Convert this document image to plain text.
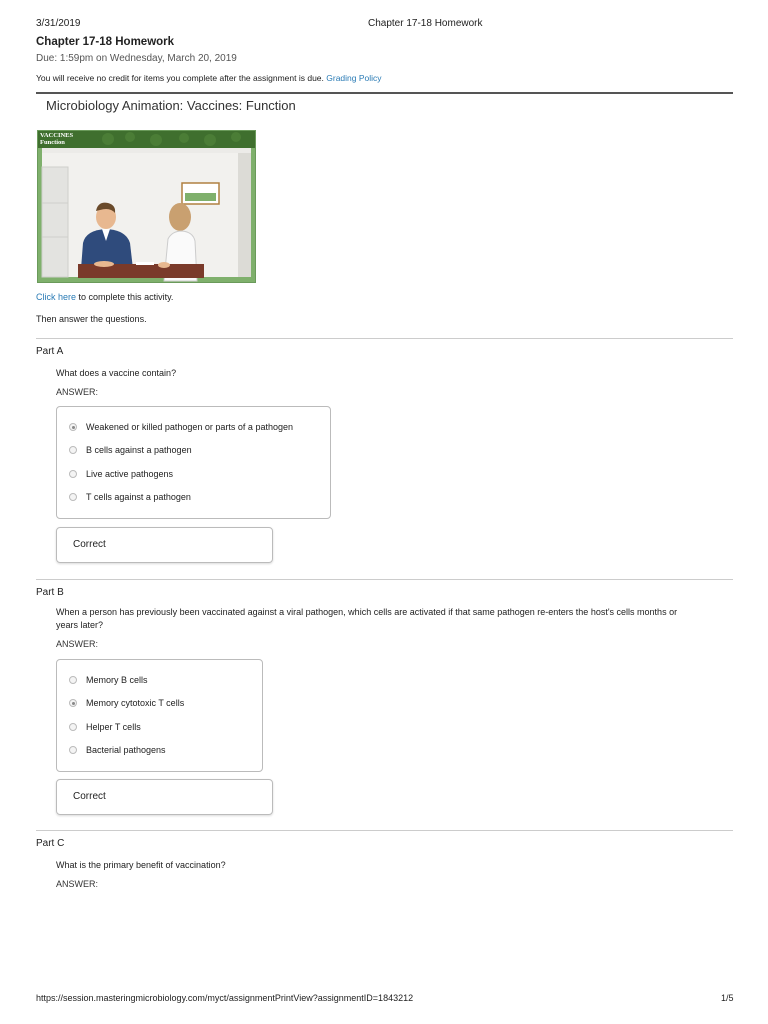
3/31/2019	Chapter 17-18 Homework
Chapter 17-18 Homework
Due: 1:59pm on Wednesday, March 20, 2019
You will receive no credit for items you complete after the assignment is due. Grading Policy
Microbiology Animation: Vaccines: Function
VACCINES
Function
Click here to complete this activity.
Then answer the questions.
Part A
What does a vaccine contain?
ANSWER:
Weakened or killed pathogen or parts of a pathogen
B cells against a pathogen
Live active pathogens
T cells against a pathogen
Correct
Part B
When a person has previously been vaccinated against a viral pathogen, which cells are activated if that same pathogen re-enters the host's cells months or
years later?
ANSWER:
Memory B cells
Memory cytotoxic T cells
Helper T cells
Bacterial pathogens
Correct
Part C
What is the primary benefit of vaccination?
ANSWER:
https://session.masteringmicrobiology.com/myct/assignmentPrintView?assignmentID=1843212	1/5
